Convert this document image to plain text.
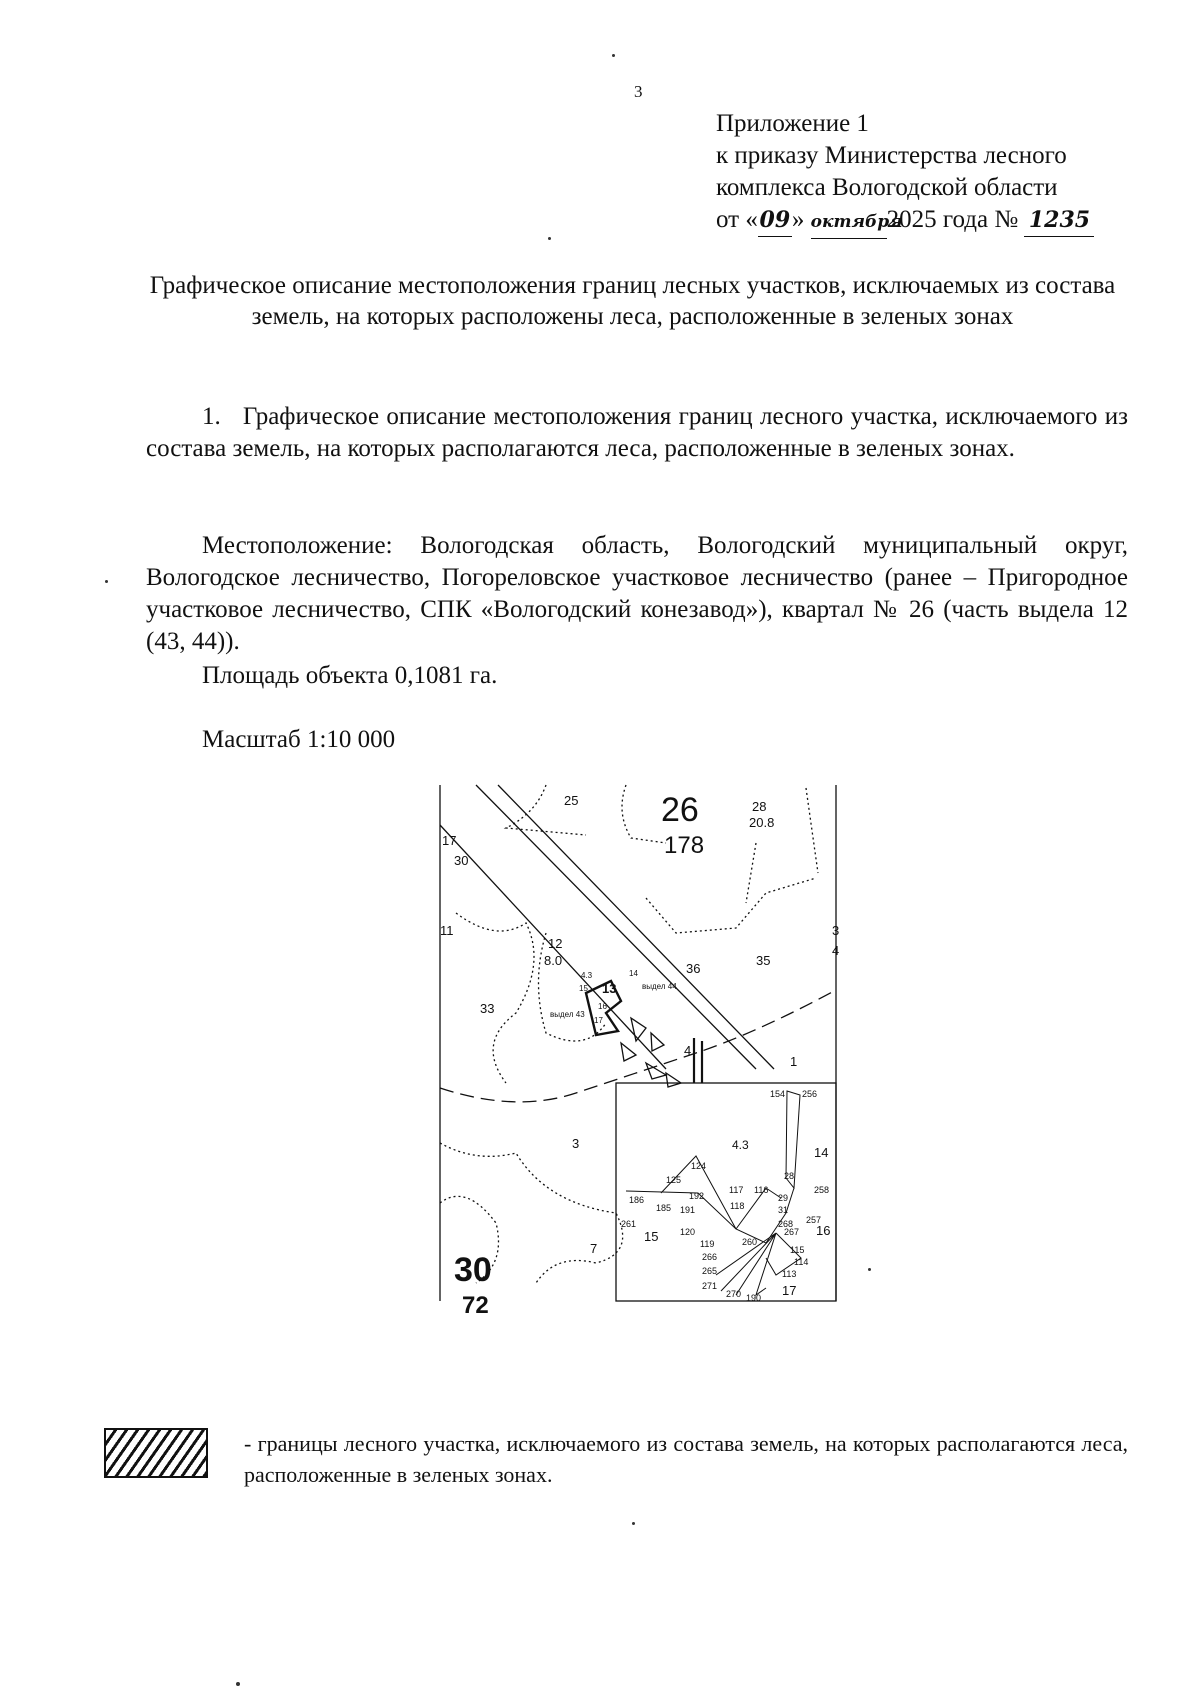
3
Приложение 1
к приказу Министерства лесного
комплекса Вологодской области
от «09» октября2025 года № 1235
Графическое описание местоположения границ лесных участков, исключаемых из состава земель, на которых расположены леса, расположенные в зеленых зонах

1.   Графическое описание местоположения границ лесного участка, исключаемого из состава земель, на которых располагаются леса, расположенные в зеленых зонах.

Местоположение: Вологодская область, Вологодский муниципальный округ, Вологодское лесничество, Погореловское участковое лесничество (ранее – Пригородное участковое лесничество, СПК «Вологодский конезавод»), квартал № 26 (часть выдела 12 (43, 44)).

Площадь объекта 0,1081 га.
Масштаб 1:10 000
26
178
30
72
25	28
20.8
17
30
11
12
8.0
36
35
33
3
4
3
7
1
4
13
4.3	14
15
16
17
выдел 44
выдел 43
154 256
4.3	14
124
125	28
258
192
117 116
29
186
185 191	118	31
257
261	268
15 120	267 16
119	260
266
115
265
114
113
271
270 190 17
- границы лесного участка, исключаемого из состава земель, на которых располагаются леса, расположенные в зеленых зонах.
